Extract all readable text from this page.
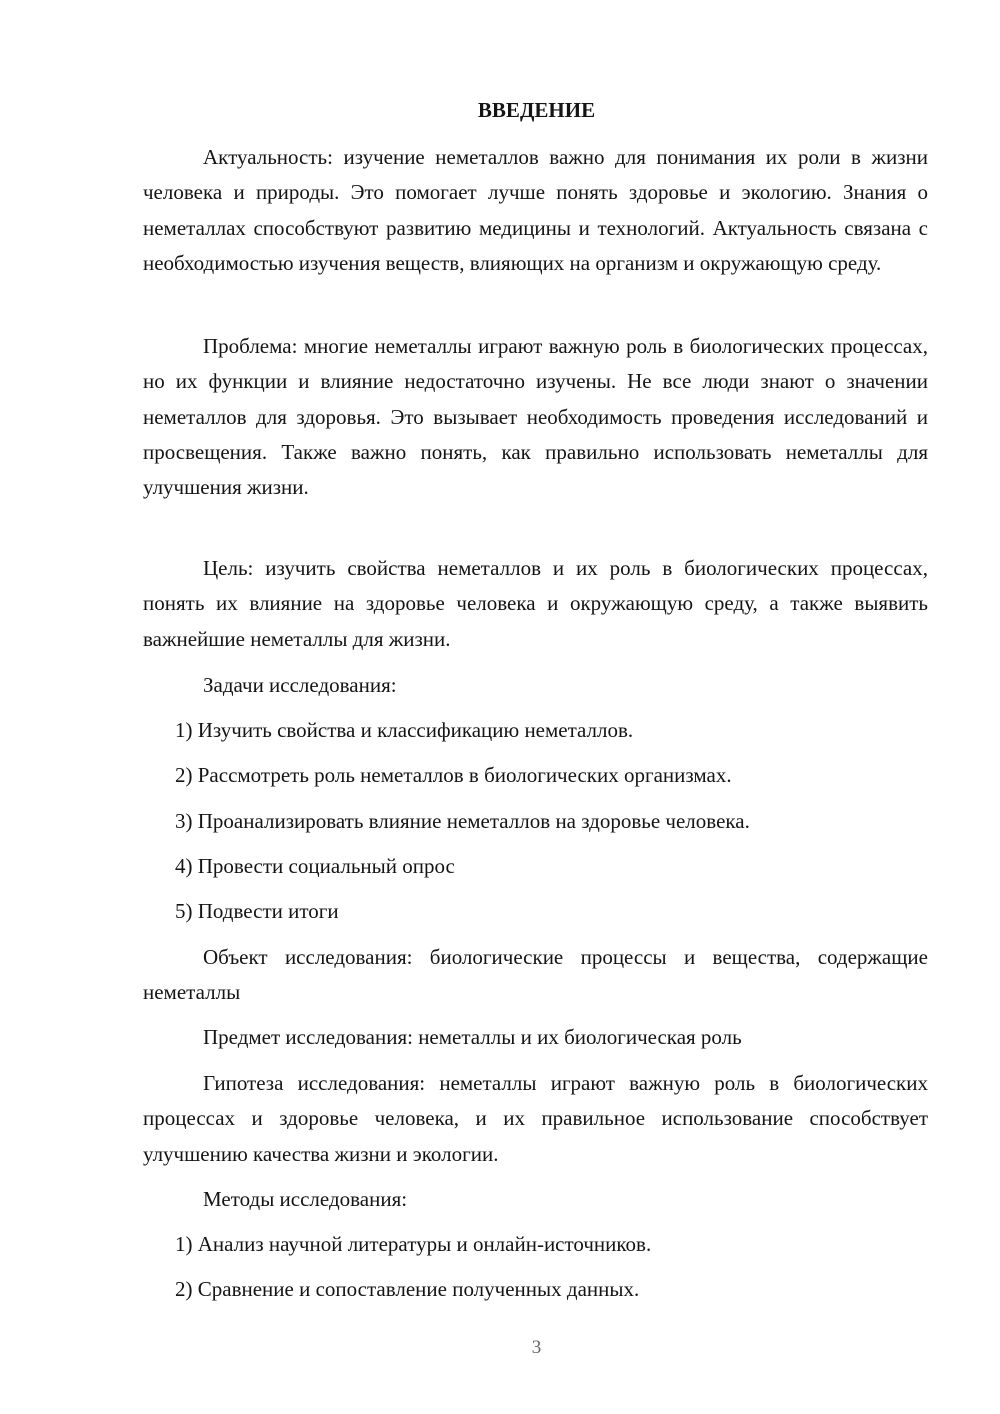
ВВЕДЕНИЕ
Актуальность: изучение неметаллов важно для понимания их роли в жизни человека и природы. Это помогает лучше понять здоровье и экологию. Знания о неметаллах способствуют развитию медицины и технологий. Актуальность связана с необходимостью изучения веществ, влияющих на организм и окружающую среду.
Проблема: многие неметаллы играют важную роль в биологических процессах, но их функции и влияние недостаточно изучены. Не все люди знают о значении неметаллов для здоровья. Это вызывает необходимость проведения исследований и просвещения. Также важно понять, как правильно использовать неметаллы для улучшения жизни.
Цель: изучить свойства неметаллов и их роль в биологических процессах, понять их влияние на здоровье человека и окружающую среду, а также выявить важнейшие неметаллы для жизни.
Задачи исследования:
1) Изучить свойства и классификацию неметаллов.
2) Рассмотреть роль неметаллов в биологических организмах.
3) Проанализировать влияние неметаллов на здоровье человека.
4) Провести социальный опрос
5) Подвести итоги
Объект исследования: биологические процессы и вещества, содержащие неметаллы
Предмет исследования: неметаллы и их биологическая роль
Гипотеза исследования: неметаллы играют важную роль в биологических процессах и здоровье человека, и их правильное использование способствует улучшению качества жизни и экологии.
Методы исследования:
1) Анализ научной литературы и онлайн-источников.
2) Сравнение и сопоставление полученных данных.
3
